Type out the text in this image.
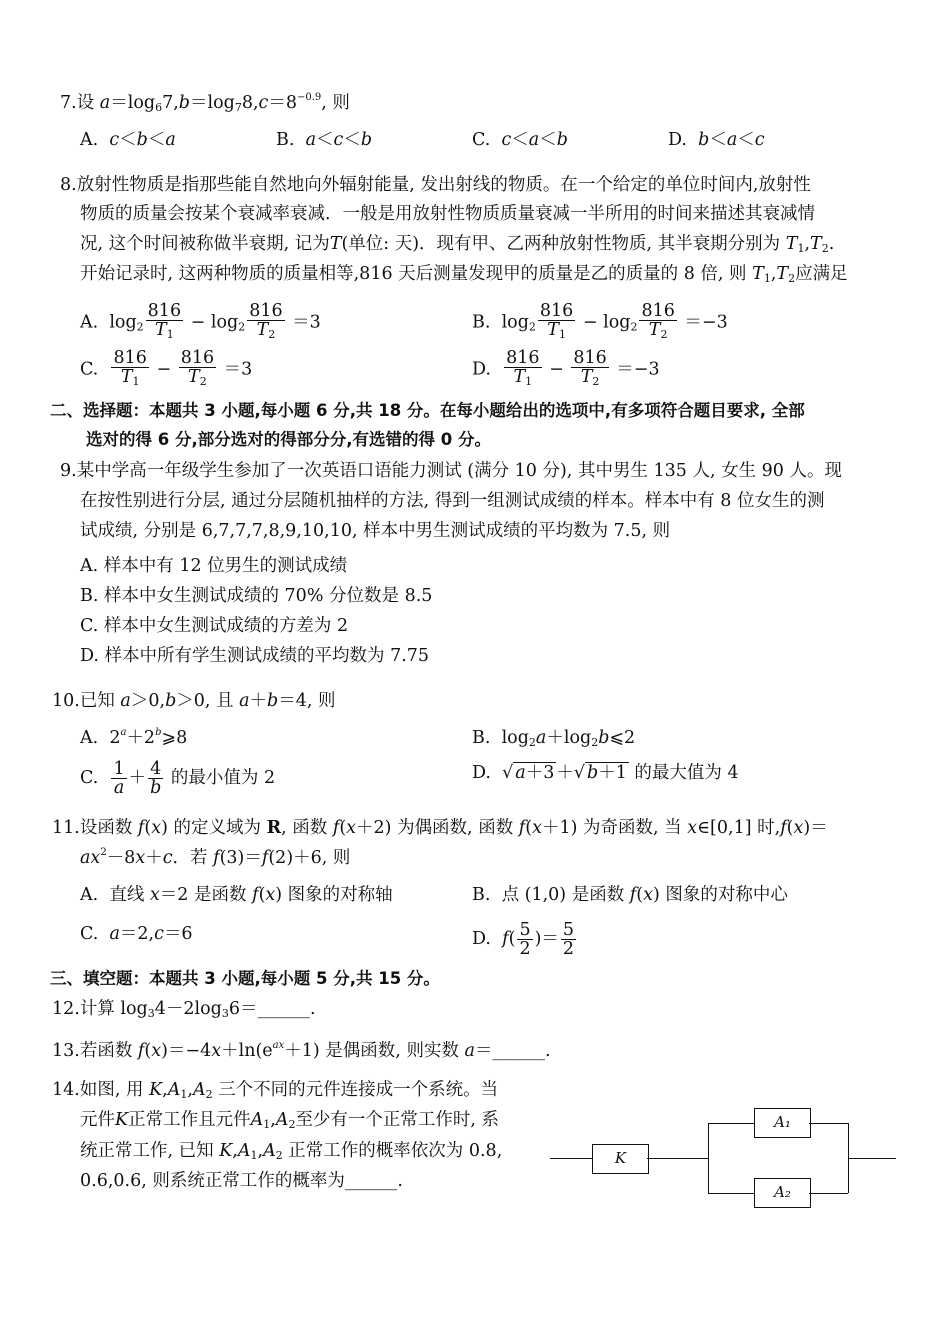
7.设 $a=\log_67,b=\log_78,c=8^{-0.9}$, 则
A. c＜b＜a	B. a＜c＜b	C. c＜a＜b	D. b＜a＜c
8.放射性物质是指那些能自然地向外辐射能量, 发出射线的物质。在一个给定的单位时间内,放射性
物质的质量会按某个衰减率衰减．一般是用放射性物质质量衰减一半所用的时间来描述其衰减情
况, 这个时间被称做半衰期, 记为T(单位: 天)．现有甲、乙两种放射性物质, 其半衰期分别为 $T_1,T_2$.
开始记录时, 这两种物质的质量相等,816 天后测量发现甲的质量是乙的质量的 8 倍, 则 $T_1,T_2$应满足
A.  $\log_2 \frac{816}{T_1} - \log_2 \frac{816}{T_2} =3$	B.  $\log_2 \frac{816}{T_1} - \log_2 \frac{816}{T_2} =-3$
C. $\frac{816}{T_1} - \frac{816}{T_2} =3$	D. $\frac{816}{T_1} - \frac{816}{T_2} =-3$
二、选择题：本题共 3 小题,每小题 6 分,共 18 分。在每小题给出的选项中,有多项符合题目要求, 全部
选对的得 6 分,部分选对的得部分分,有选错的得 0 分。
9.某中学高一年级学生参加了一次英语口语能力测试 (满分 10 分), 其中男生 135 人, 女生 90 人。现
在按性别进行分层, 通过分层随机抽样的方法, 得到一组测试成绩的样本。样本中有 8 位女生的测
试成绩, 分别是 6,7,7,7,8,9,10,10, 样本中男生测试成绩的平均数为 7.5, 则
A. 样本中有 12 位男生的测试成绩
B. 样本中女生测试成绩的 70% 分位数是 8.5
C. 样本中女生测试成绩的方差为 2
D. 样本中所有学生测试成绩的平均数为 7.75
10.已知 a＞0,b＞0, 且 a＋b＝4, 则
A.  $2^a+2^b⩾8$	B.  $\log_2a+\log_2b⩽2$
C. $\frac{1}{a} + \frac{4}{b}$ 的最小值为 2	D.  √ a＋3 ＋√ b＋1 的最大值为 4
11.设函数 f(x) 的定义域为 R, 函数 f(x＋2) 为偶函数, 函数 f(x＋1) 为奇函数, 当 x∈[0,1] 时,f(x)＝
$ax^2-8x+c$．若 f(3)＝f(2)＋6, 则
A. 直线 x＝2 是函数 f(x) 图象的对称轴	B. 点 (1,0) 是函数 f(x) 图象的对称中心
C. a＝2,c＝6	D. $f( \frac{5}{2}$ )＝ $\frac{5}{2}$
三、填空题：本题共 3 小题,每小题 5 分,共 15 分。
12.计算 $\log_34-2\log_36=\_\_\_\_\_\_$.
13.若函数 $f(x)=-4x+\ln(e^{ax}+1)$ 是偶函数, 则实数 a＝______.
14.如图, 用 $K,A_1,A_2$ 三个不同的元件连接成一个系统。当
元件K正常工作且元件$A_1,A_2$至少有一个正常工作时, 系
统正常工作, 已知 $K,A_1,A_2$ 正常工作的概率依次为 0.8,
0.6,0.6, 则系统正常工作的概率为______.
K
A₁
A₂
